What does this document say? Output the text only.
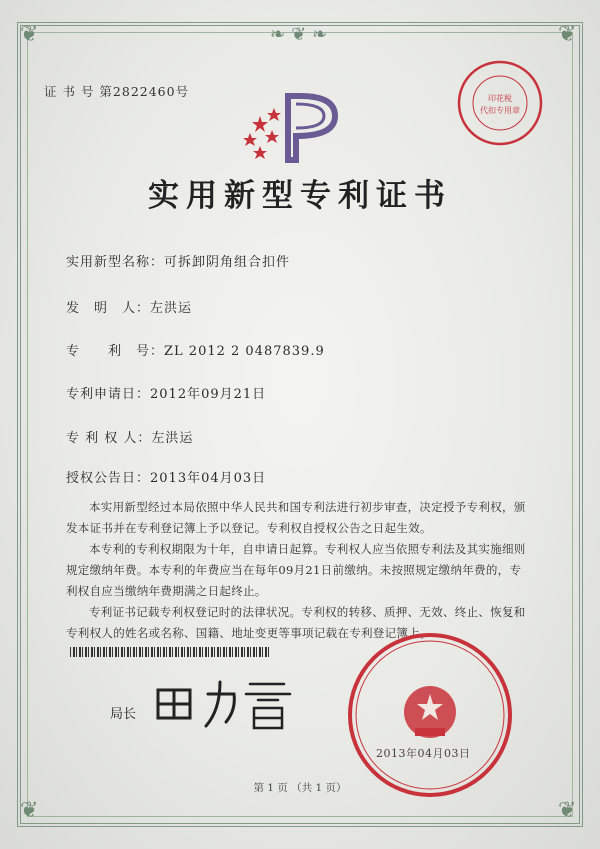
❦	❦
❦	❦
❧❦❧
证 书 号 第2822460号	印花税
代扣专用章
实用新型专利证书
实用新型名称：可拆卸阴角组合扣件
发　明　人：左洪运
专　　利　号：ZL 2012 2 0487839.9
专利申请日：2012年09月21日
专 利 权 人：左洪运
授权公告日：2013年04月03日
本实用新型经过本局依照中华人民共和国专利法进行初步审查，决定授予专利权，颁发本证书并在专利登记簿上予以登记。专利权自授权公告之日起生效。
本专利的专利权期限为十年，自申请日起算。专利权人应当依照专利法及其实施细则规定缴纳年费。本专利的年费应当在每年09月21日前缴纳。未按照规定缴纳年费的，专利权自应当缴纳年费期满之日起终止。
专利证书记载专利权登记时的法律状况。专利权的转移、质押、无效、终止、恢复和专利权人的姓名或名称、国籍、地址变更等事项记载在专利登记簿上。
局长
2013年04月03日
第 1 页 （共 1 页）
